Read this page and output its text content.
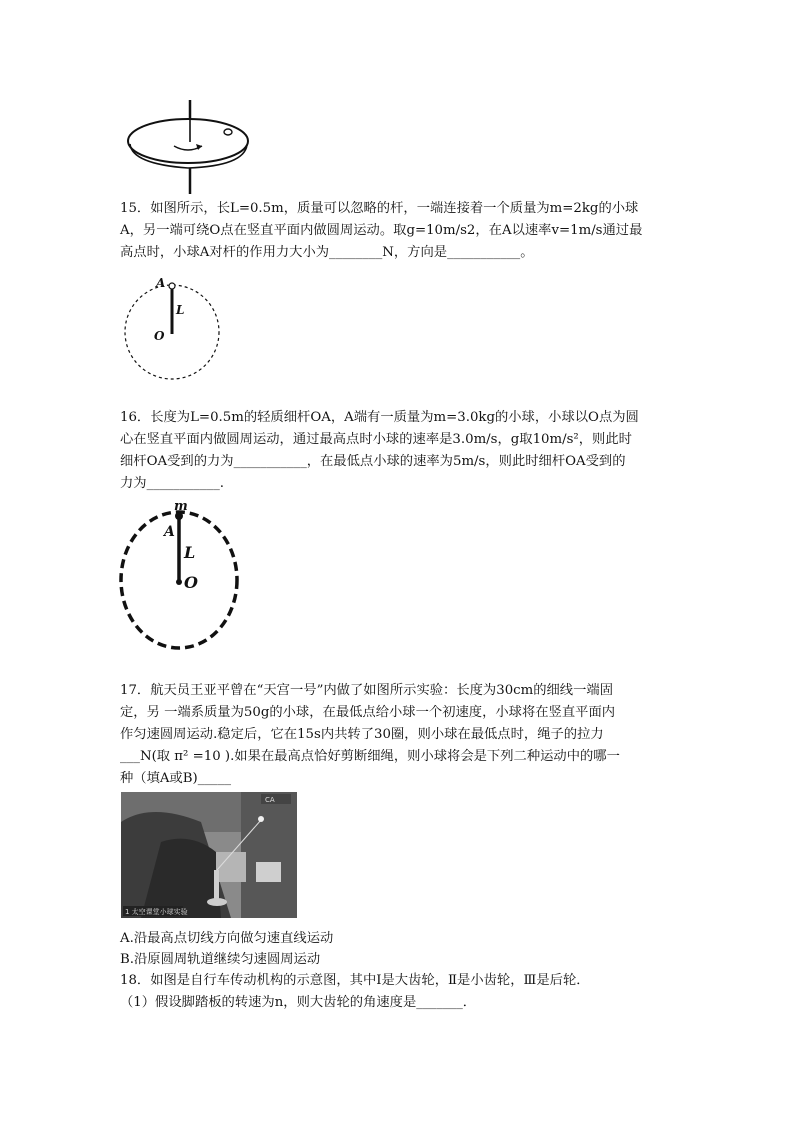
15．如图所示，长L=0.5m，质量可以忽略的杆，一端连接着一个质量为m=2kg的小球
A，另一端可绕O点在竖直平面内做圆周运动。取g=10m/s2，在A以速率v=1m/s通过最
高点时，小球A对杆的作用力大小为________N，方向是___________。
A
L
O
16．长度为L=0.5m的轻质细杆OA，A端有一质量为m=3.0kg的小球，小球以O点为圆
心在竖直平面内做圆周运动，通过最高点时小球的速率是3.0m/s，g取10m/s²，则此时
细杆OA受到的力为___________，在最低点小球的速率为5m/s，则此时细杆OA受到的
力为___________.
m
A
L
O
17．航天员王亚平曾在“天宫一号”内做了如图所示实验：长度为30cm的细线一端固
定，另 一端系质量为50g的小球，在最低点给小球一个初速度，小球将在竖直平面内
作匀速圆周运动.稳定后，它在15s内共转了30圈，则小球在最低点时，绳子的拉力
___N(取 π² =10 ).如果在最高点恰好剪断细绳，则小球将会是下列二种运动中的哪一
种（填A或B)_____
CA
1 太空课堂小球实验
A.沿最高点切线方向做匀速直线运动
B.沿原圆周轨道继续匀速圆周运动
18．如图是自行车传动机构的示意图，其中Ⅰ是大齿轮，Ⅱ是小齿轮，Ⅲ是后轮．
（1）假设脚踏板的转速为n，则大齿轮的角速度是_______．
